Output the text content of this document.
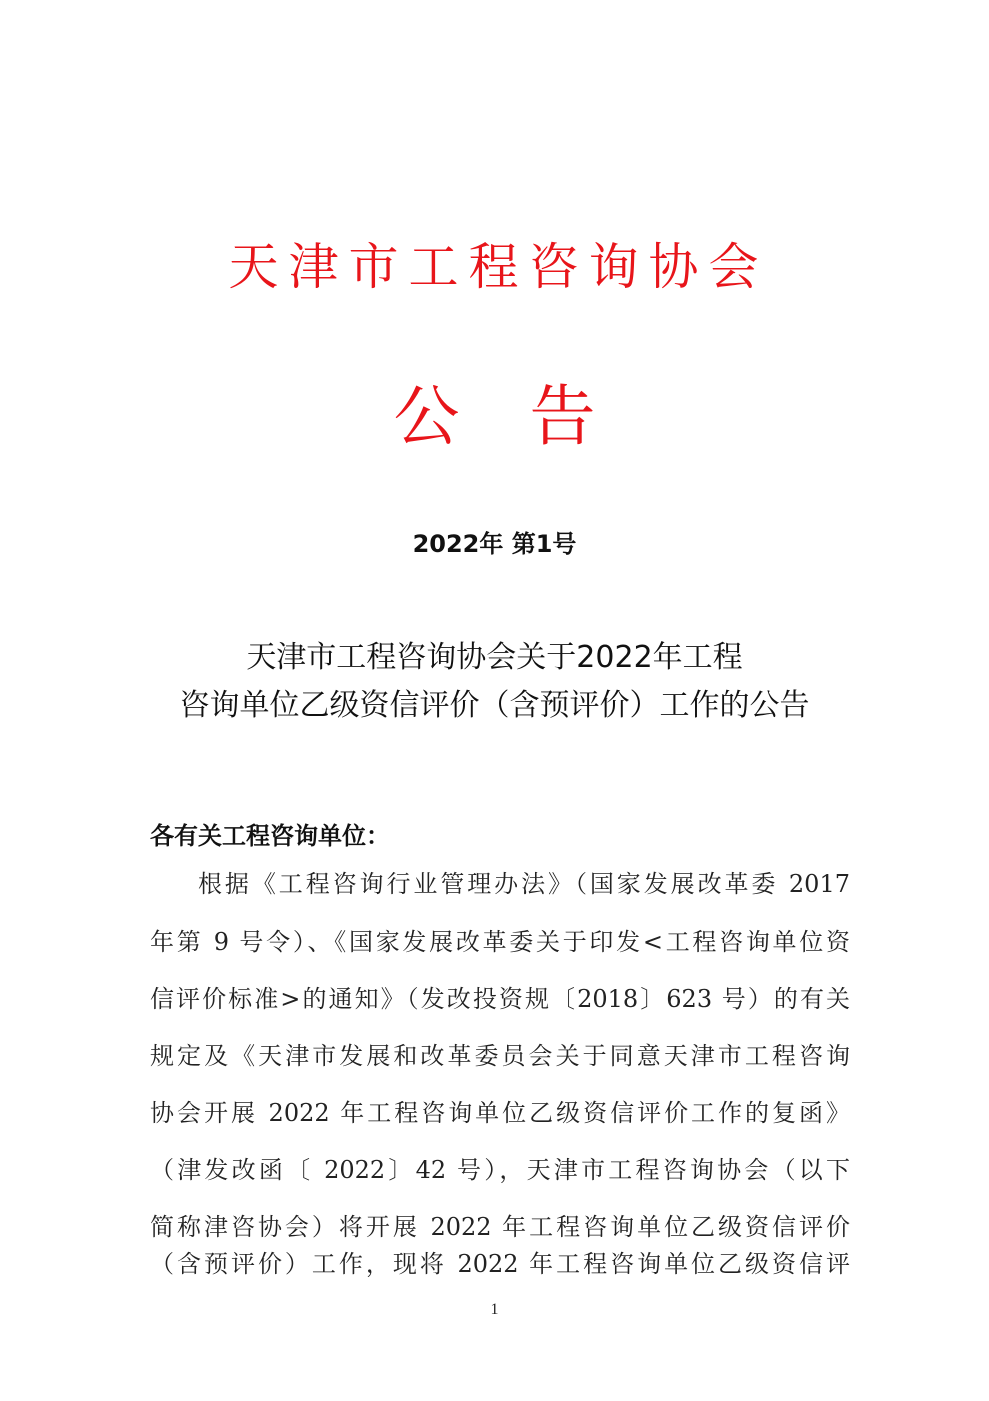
天津市工程咨询协会
公告
2022年 第1号
天津市工程咨询协会关于2022年工程
咨询单位乙级资信评价（含预评价）工作的公告
各有关工程咨询单位：
根据《工程咨询行业管理办法》（国家发展改革委 2017
年第 9 号令）、《国家发展改革委关于印发<工程咨询单位资
信评价标准>的通知》（发改投资规〔2018〕623 号）的有关
规定及《天津市发展和改革委员会关于同意天津市工程咨询
协会开展 2022 年工程咨询单位乙级资信评价工作的复函》
（津发改函〔 2022〕42 号），天津市工程咨询协会（以下
简称津咨协会）将开展 2022 年工程咨询单位乙级资信评价
（含预评价）工作，现将 2022 年工程咨询单位乙级资信评
1
